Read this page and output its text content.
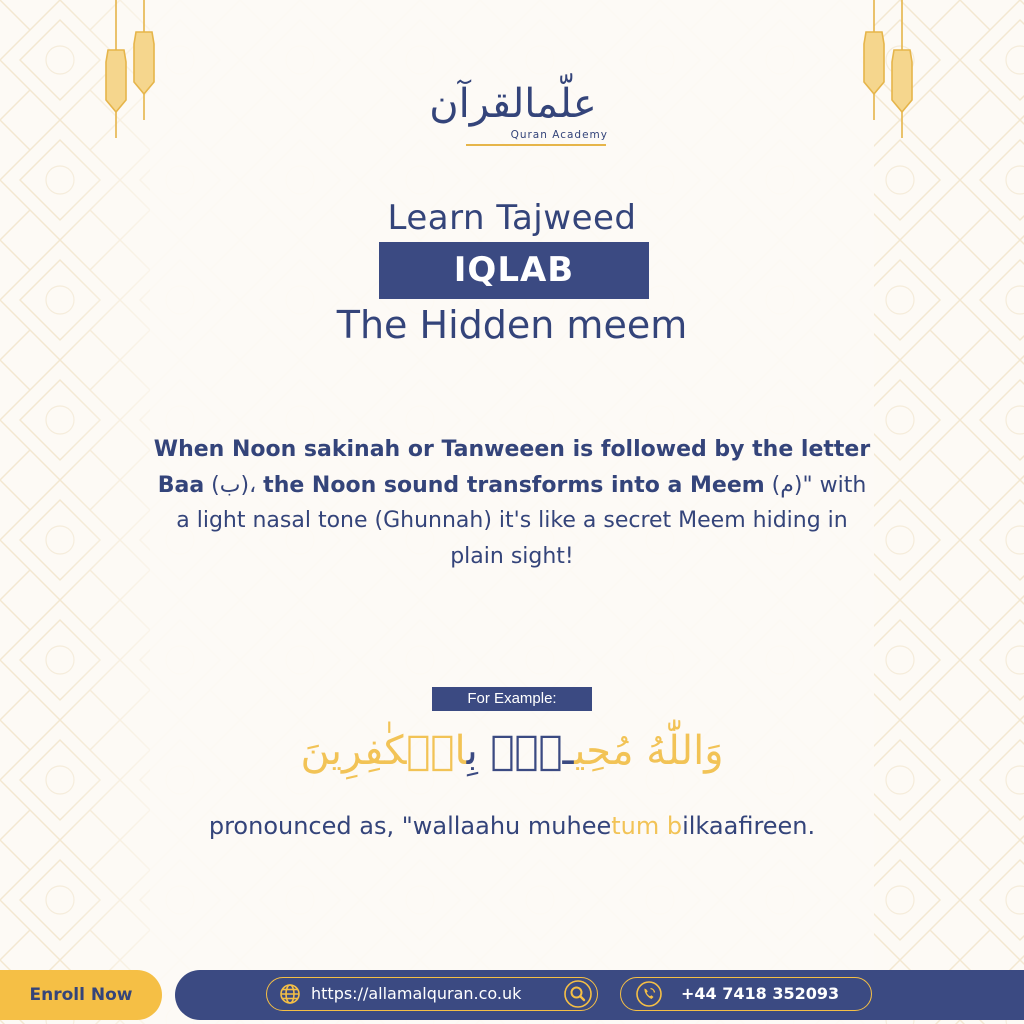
علّمالقرآن
Quran Academy
Learn Tajweed
IQLAB
The Hidden meem
When Noon sakinah or Tanweeen is followed by the letter Baa (ب)، the Noon sound transforms into a Meem (م)" with a light nasal tone (Ghunnah) it's like a secret Meem hiding in plain sight!
For Example:
وَاللّٰهُ مُحِيـطٌۢ بِالۡكٰفِرِينَ
pronounced as, "wallaahu muheetum bilkaafireen.
Enroll Now	https://allamalquran.co.uk	+44 7418 352093
